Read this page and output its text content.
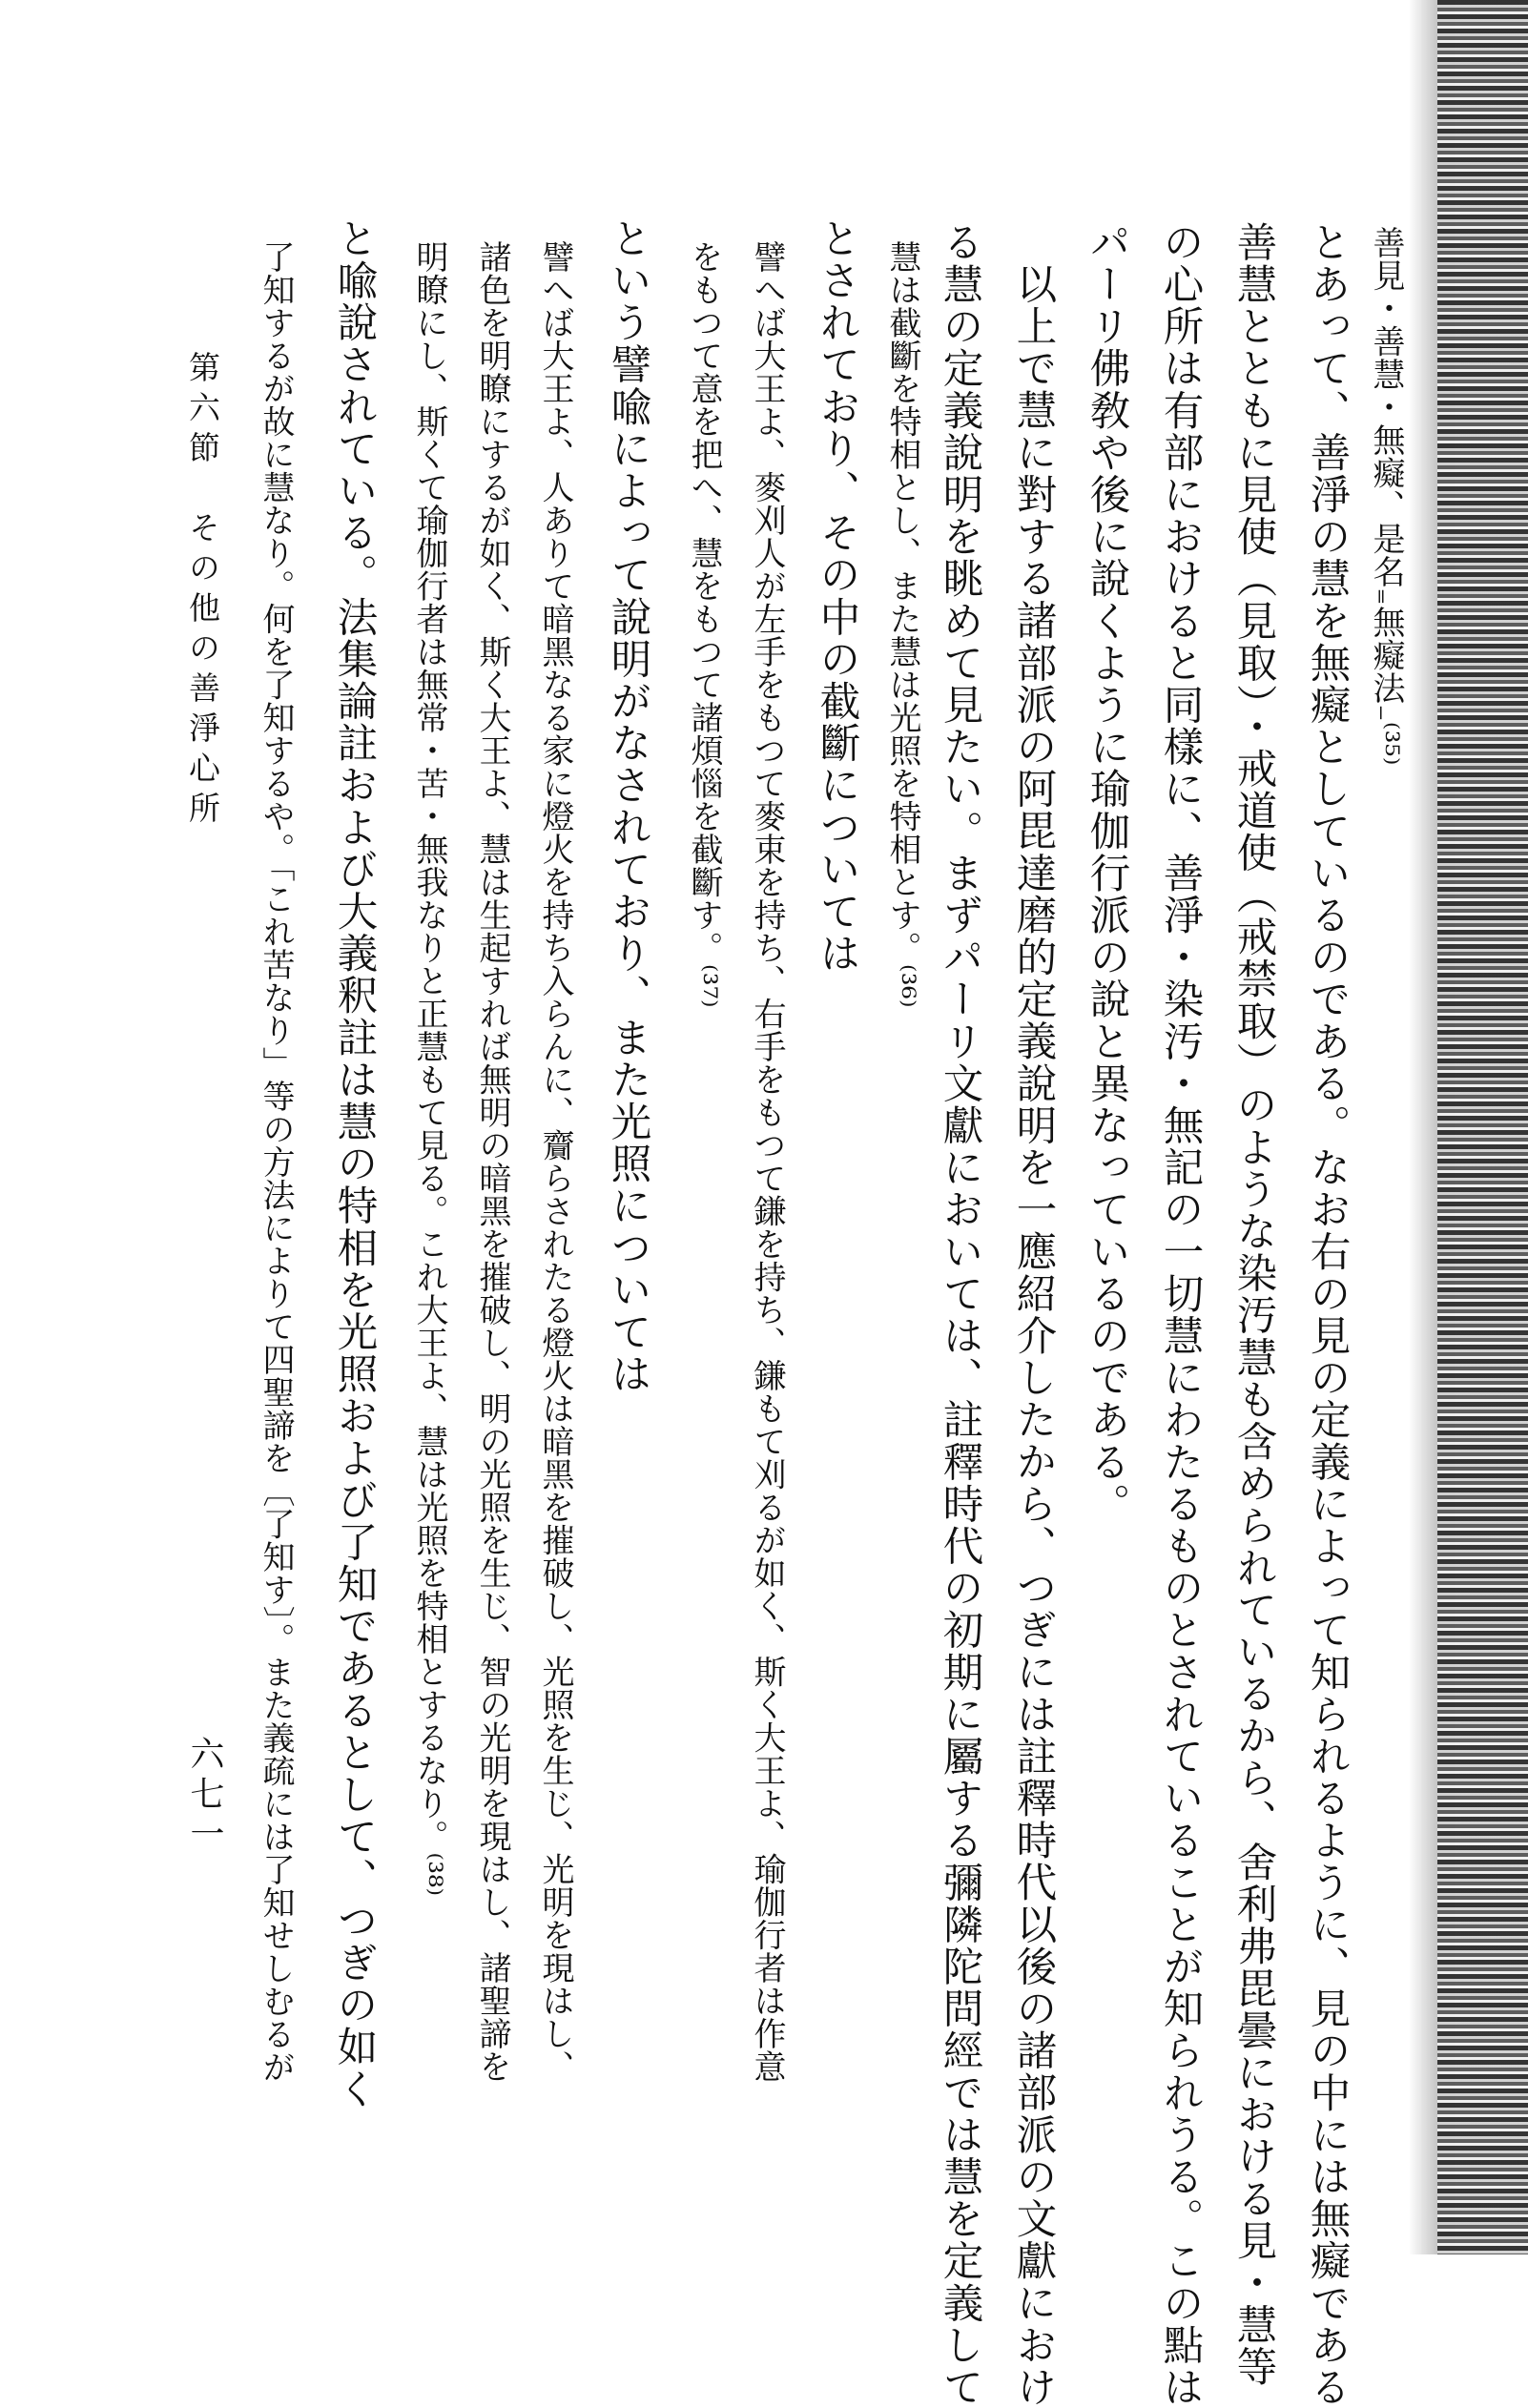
善見・善慧・無癡、是名₌無癡法₋⁽³⁵⁾
とあって、善淨の慧を無癡としているのである。なお右の見の定義によって知られるように、見の中には無癡である
善慧とともに見使（見取）・戒道使（戒禁取）のような染汚慧も含められているから、舍利弗毘曇における見・慧等
の心所は有部におけると同樣に、善淨・染汚・無記の一切慧にわたるものとされていることが知られうる。この點は
パーリ佛敎や後に說くように瑜伽行派の說と異なっているのである。
以上で慧に對する諸部派の阿毘達磨的定義說明を一應紹介したから、つぎには註釋時代以後の諸部派の文獻におけ
る慧の定義說明を眺めて見たい。まずパーリ文獻においては、註釋時代の初期に屬する彌隣陀問經では慧を定義して
慧は截斷を特相とし、また慧は光照を特相とす。⁽³⁶⁾
とされており、その中の截斷については
譬へば大王よ、麥刈人が左手をもつて麥束を持ち、右手をもつて鎌を持ち、鎌もて刈るが如く、斯く大王よ、瑜伽行者は作意
をもつて意を把へ、慧をもつて諸煩惱を截斷す。⁽³⁷⁾
という譬喩によって說明がなされており、また光照については
譬へば大王よ、人ありて暗黑なる家に燈火を持ち入らんに、齎らされたる燈火は暗黑を摧破し、光照を生じ、光明を現はし、
諸色を明瞭にするが如く、斯く大王よ、慧は生起すれば無明の暗黑を摧破し、明の光照を生じ、智の光明を現はし、諸聖諦を
明瞭にし、斯くて瑜伽行者は無常・苦・無我なりと正慧もて見る。これ大王よ、慧は光照を特相とするなり。⁽³⁸⁾
と喩說されている。法集論註および大義釈註は慧の特相を光照および了知であるとして、つぎの如く
了知するが故に慧なり。何を了知するや。「これ苦なり」等の方法によりて四聖諦を〔了知す〕。また義疏には了知せしむるが
第六節　その他の善淨心所
六七一
